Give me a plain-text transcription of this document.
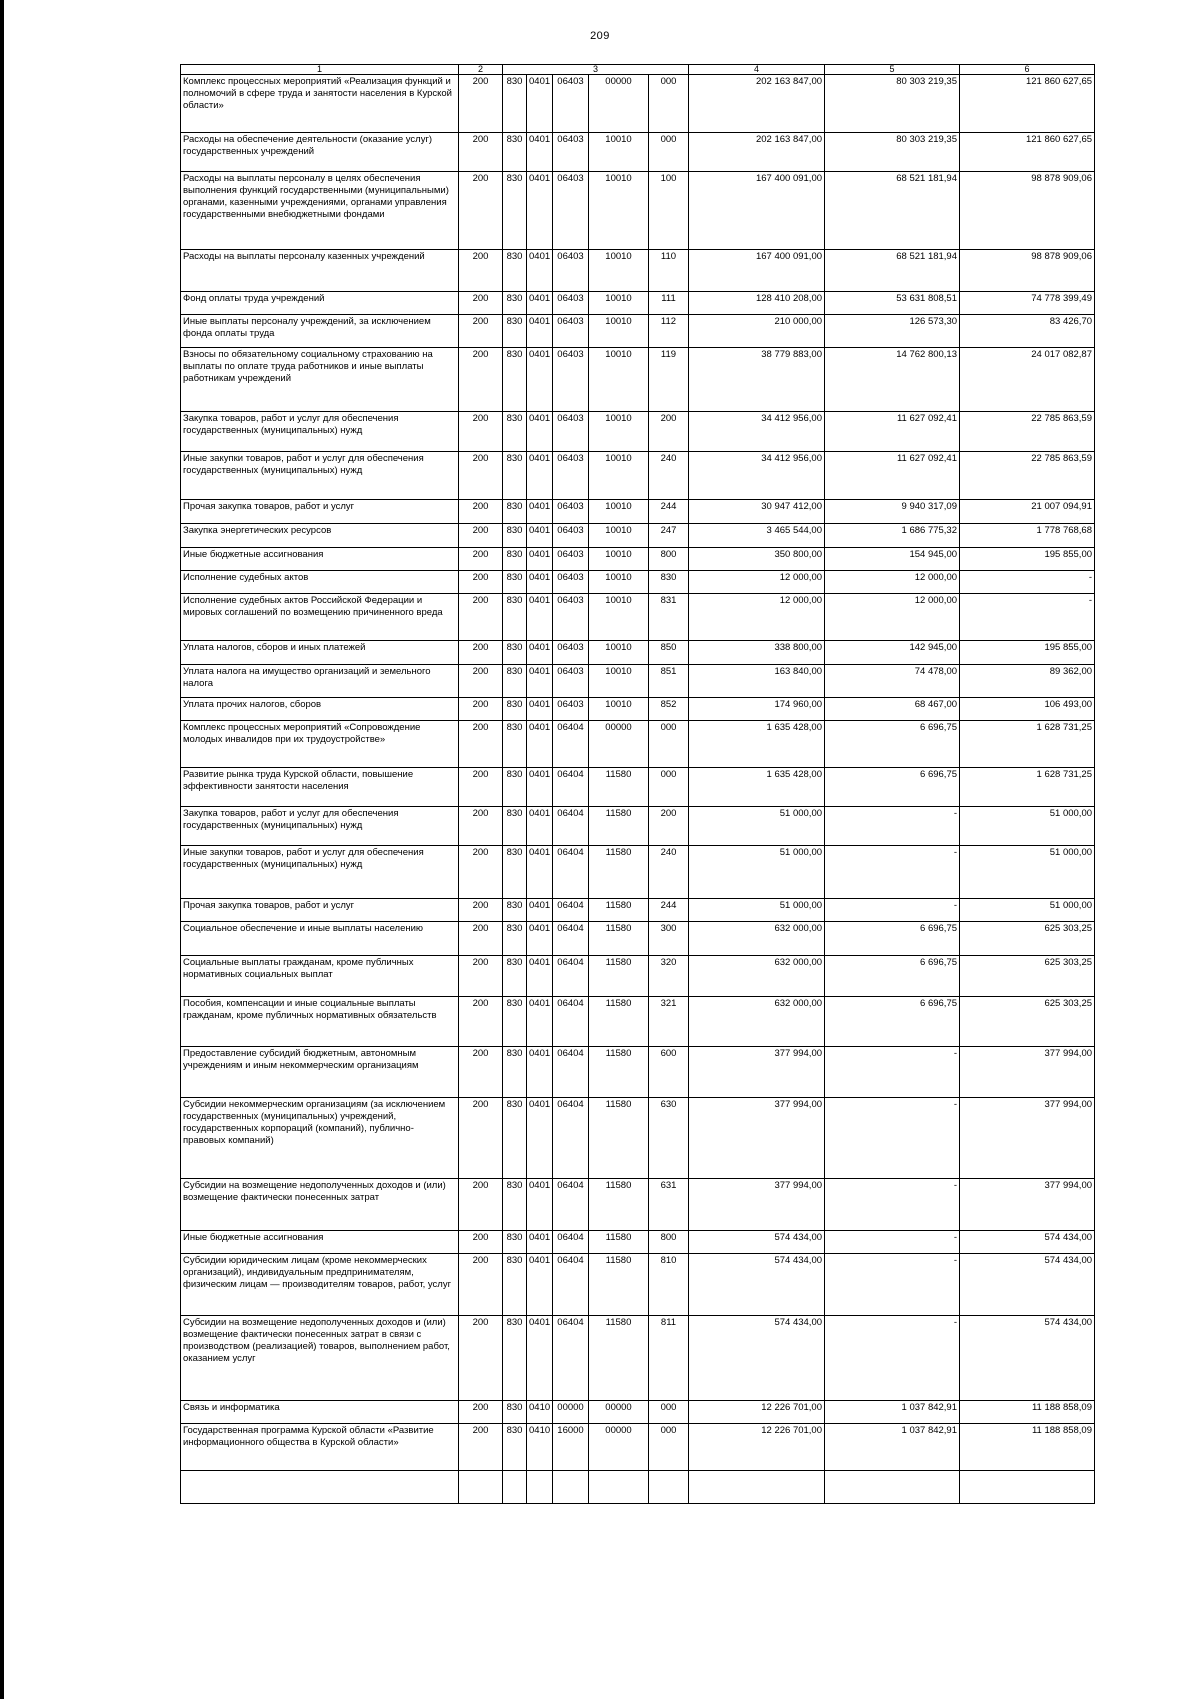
209
1	2	3					4	5	6
Комплекс процессных мероприятий «Реализация функций и полномочий в сфере труда и занятости населения в Курской области»	200	830	0401	06403	00000	000	202 163 847,00	80 303 219,35	121 860 627,65
Расходы на обеспечение деятельности (оказание услуг) государственных учреждений	200	830	0401	06403	10010	000	202 163 847,00	80 303 219,35	121 860 627,65
Расходы на выплаты персоналу в целях обеспечения выполнения функций государственными (муниципальными) органами, казенными учреждениями, органами управления государственными внебюджетными фондами	200	830	0401	06403	10010	100	167 400 091,00	68 521 181,94	98 878 909,06
Расходы на выплаты персоналу казенных учреждений	200	830	0401	06403	10010	110	167 400 091,00	68 521 181,94	98 878 909,06
Фонд оплаты труда учреждений	200	830	0401	06403	10010	111	128 410 208,00	53 631 808,51	74 778 399,49
Иные выплаты персоналу учреждений, за исключением фонда оплаты труда	200	830	0401	06403	10010	112	210 000,00	126 573,30	83 426,70
Взносы по обязательному социальному страхованию на выплаты по оплате труда работников и иные выплаты работникам учреждений	200	830	0401	06403	10010	119	38 779 883,00	14 762 800,13	24 017 082,87
Закупка товаров, работ и услуг для обеспечения государственных (муниципальных) нужд	200	830	0401	06403	10010	200	34 412 956,00	11 627 092,41	22 785 863,59
Иные закупки товаров, работ и услуг для обеспечения государственных (муниципальных) нужд	200	830	0401	06403	10010	240	34 412 956,00	11 627 092,41	22 785 863,59
Прочая закупка товаров, работ и услуг	200	830	0401	06403	10010	244	30 947 412,00	9 940 317,09	21 007 094,91
Закупка энергетических ресурсов	200	830	0401	06403	10010	247	3 465 544,00	1 686 775,32	1 778 768,68
Иные бюджетные ассигнования	200	830	0401	06403	10010	800	350 800,00	154 945,00	195 855,00
Исполнение судебных актов	200	830	0401	06403	10010	830	12 000,00	12 000,00	-
Исполнение судебных актов Российской Федерации и мировых соглашений по возмещению причиненного вреда	200	830	0401	06403	10010	831	12 000,00	12 000,00	-
Уплата налогов, сборов и иных платежей	200	830	0401	06403	10010	850	338 800,00	142 945,00	195 855,00
Уплата налога на имущество организаций и земельного налога	200	830	0401	06403	10010	851	163 840,00	74 478,00	89 362,00
Уплата прочих налогов, сборов	200	830	0401	06403	10010	852	174 960,00	68 467,00	106 493,00
Комплекс процессных мероприятий «Сопровождение молодых инвалидов при их трудоустройстве»	200	830	0401	06404	00000	000	1 635 428,00	6 696,75	1 628 731,25
Развитие рынка труда Курской области, повышение эффективности занятости населения	200	830	0401	06404	11580	000	1 635 428,00	6 696,75	1 628 731,25
Закупка товаров, работ и услуг для обеспечения государственных (муниципальных) нужд	200	830	0401	06404	11580	200	51 000,00	-	51 000,00
Иные закупки товаров, работ и услуг для обеспечения государственных (муниципальных) нужд	200	830	0401	06404	11580	240	51 000,00	-	51 000,00
Прочая закупка товаров, работ и услуг	200	830	0401	06404	11580	244	51 000,00	-	51 000,00
Социальное обеспечение и иные выплаты населению	200	830	0401	06404	11580	300	632 000,00	6 696,75	625 303,25
Социальные выплаты гражданам, кроме публичных нормативных социальных выплат	200	830	0401	06404	11580	320	632 000,00	6 696,75	625 303,25
Пособия, компенсации и иные социальные выплаты гражданам, кроме публичных нормативных обязательств	200	830	0401	06404	11580	321	632 000,00	6 696,75	625 303,25
Предоставление субсидий бюджетным, автономным учреждениям и иным некоммерческим организациям	200	830	0401	06404	11580	600	377 994,00	-	377 994,00
Субсидии некоммерческим организациям (за исключением государственных (муниципальных) учреждений, государственных корпораций (компаний), публично-правовых компаний)	200	830	0401	06404	11580	630	377 994,00	-	377 994,00
Субсидии на возмещение недополученных доходов и (или) возмещение фактически понесенных затрат	200	830	0401	06404	11580	631	377 994,00	-	377 994,00
Иные бюджетные ассигнования	200	830	0401	06404	11580	800	574 434,00	-	574 434,00
Субсидии юридическим лицам (кроме некоммерческих организаций), индивидуальным предпринимателям, физическим лицам — производителям товаров, работ, услуг	200	830	0401	06404	11580	810	574 434,00	-	574 434,00
Субсидии на возмещение недополученных доходов и (или) возмещение фактически понесенных затрат в связи с производством (реализацией) товаров, выполнением работ, оказанием услуг	200	830	0401	06404	11580	811	574 434,00	-	574 434,00
Связь и информатика	200	830	0410	00000	00000	000	12 226 701,00	1 037 842,91	11 188 858,09
Государственная программа Курской области «Развитие информационного общества в Курской области»	200	830	0410	16000	00000	000	12 226 701,00	1 037 842,91	11 188 858,09
